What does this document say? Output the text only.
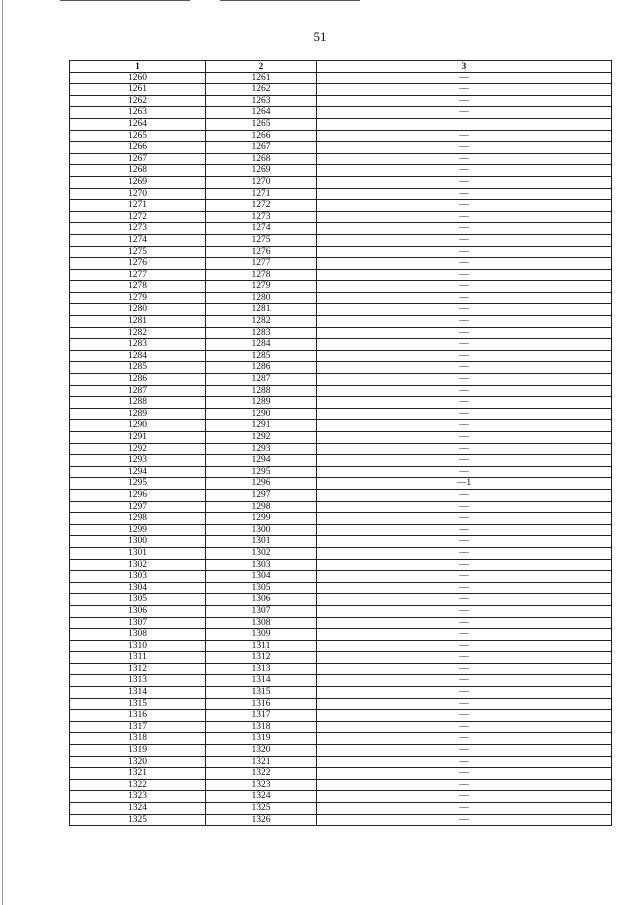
51
1	2	3
1260	1261	—
1261	1262	—
1262	1263	—
1263	1264	—
1264	1265	
1265	1266	—
1266	1267	—
1267	1268	—
1268	1269	—
1269	1270	—
1270	1271	—
1271	1272	—
1272	1273	—
1273	1274	—
1274	1275	—
1275	1276	—
1276	1277	—
1277	1278	—
1278	1279	—
1279	1280	—
1280	1281	—
1281	1282	—
1282	1283	—
1283	1284	—
1284	1285	—
1285	1286	—
1286	1287	—
1287	1288	—
1288	1289	—
1289	1290	—
1290	1291	—
1291	1292	—
1292	1293	—
1293	1294	—
1294	1295	—
1295	1296	—1
1296	1297	—
1297	1298	—
1298	1299	—
1299	1300	—
1300	1301	—
1301	1302	—
1302	1303	—
1303	1304	—
1304	1305	—
1305	1306	—
1306	1307	—
1307	1308	—
1308	1309	—
1310	1311	—
1311	1312	—
1312	1313	—
1313	1314	—
1314	1315	—
1315	1316	—
1316	1317	—
1317	1318	—
1318	1319	—
1319	1320	—
1320	1321	—
1321	1322	—
1322	1323	—
1323	1324	—
1324	1325	—
1325	1326	—
